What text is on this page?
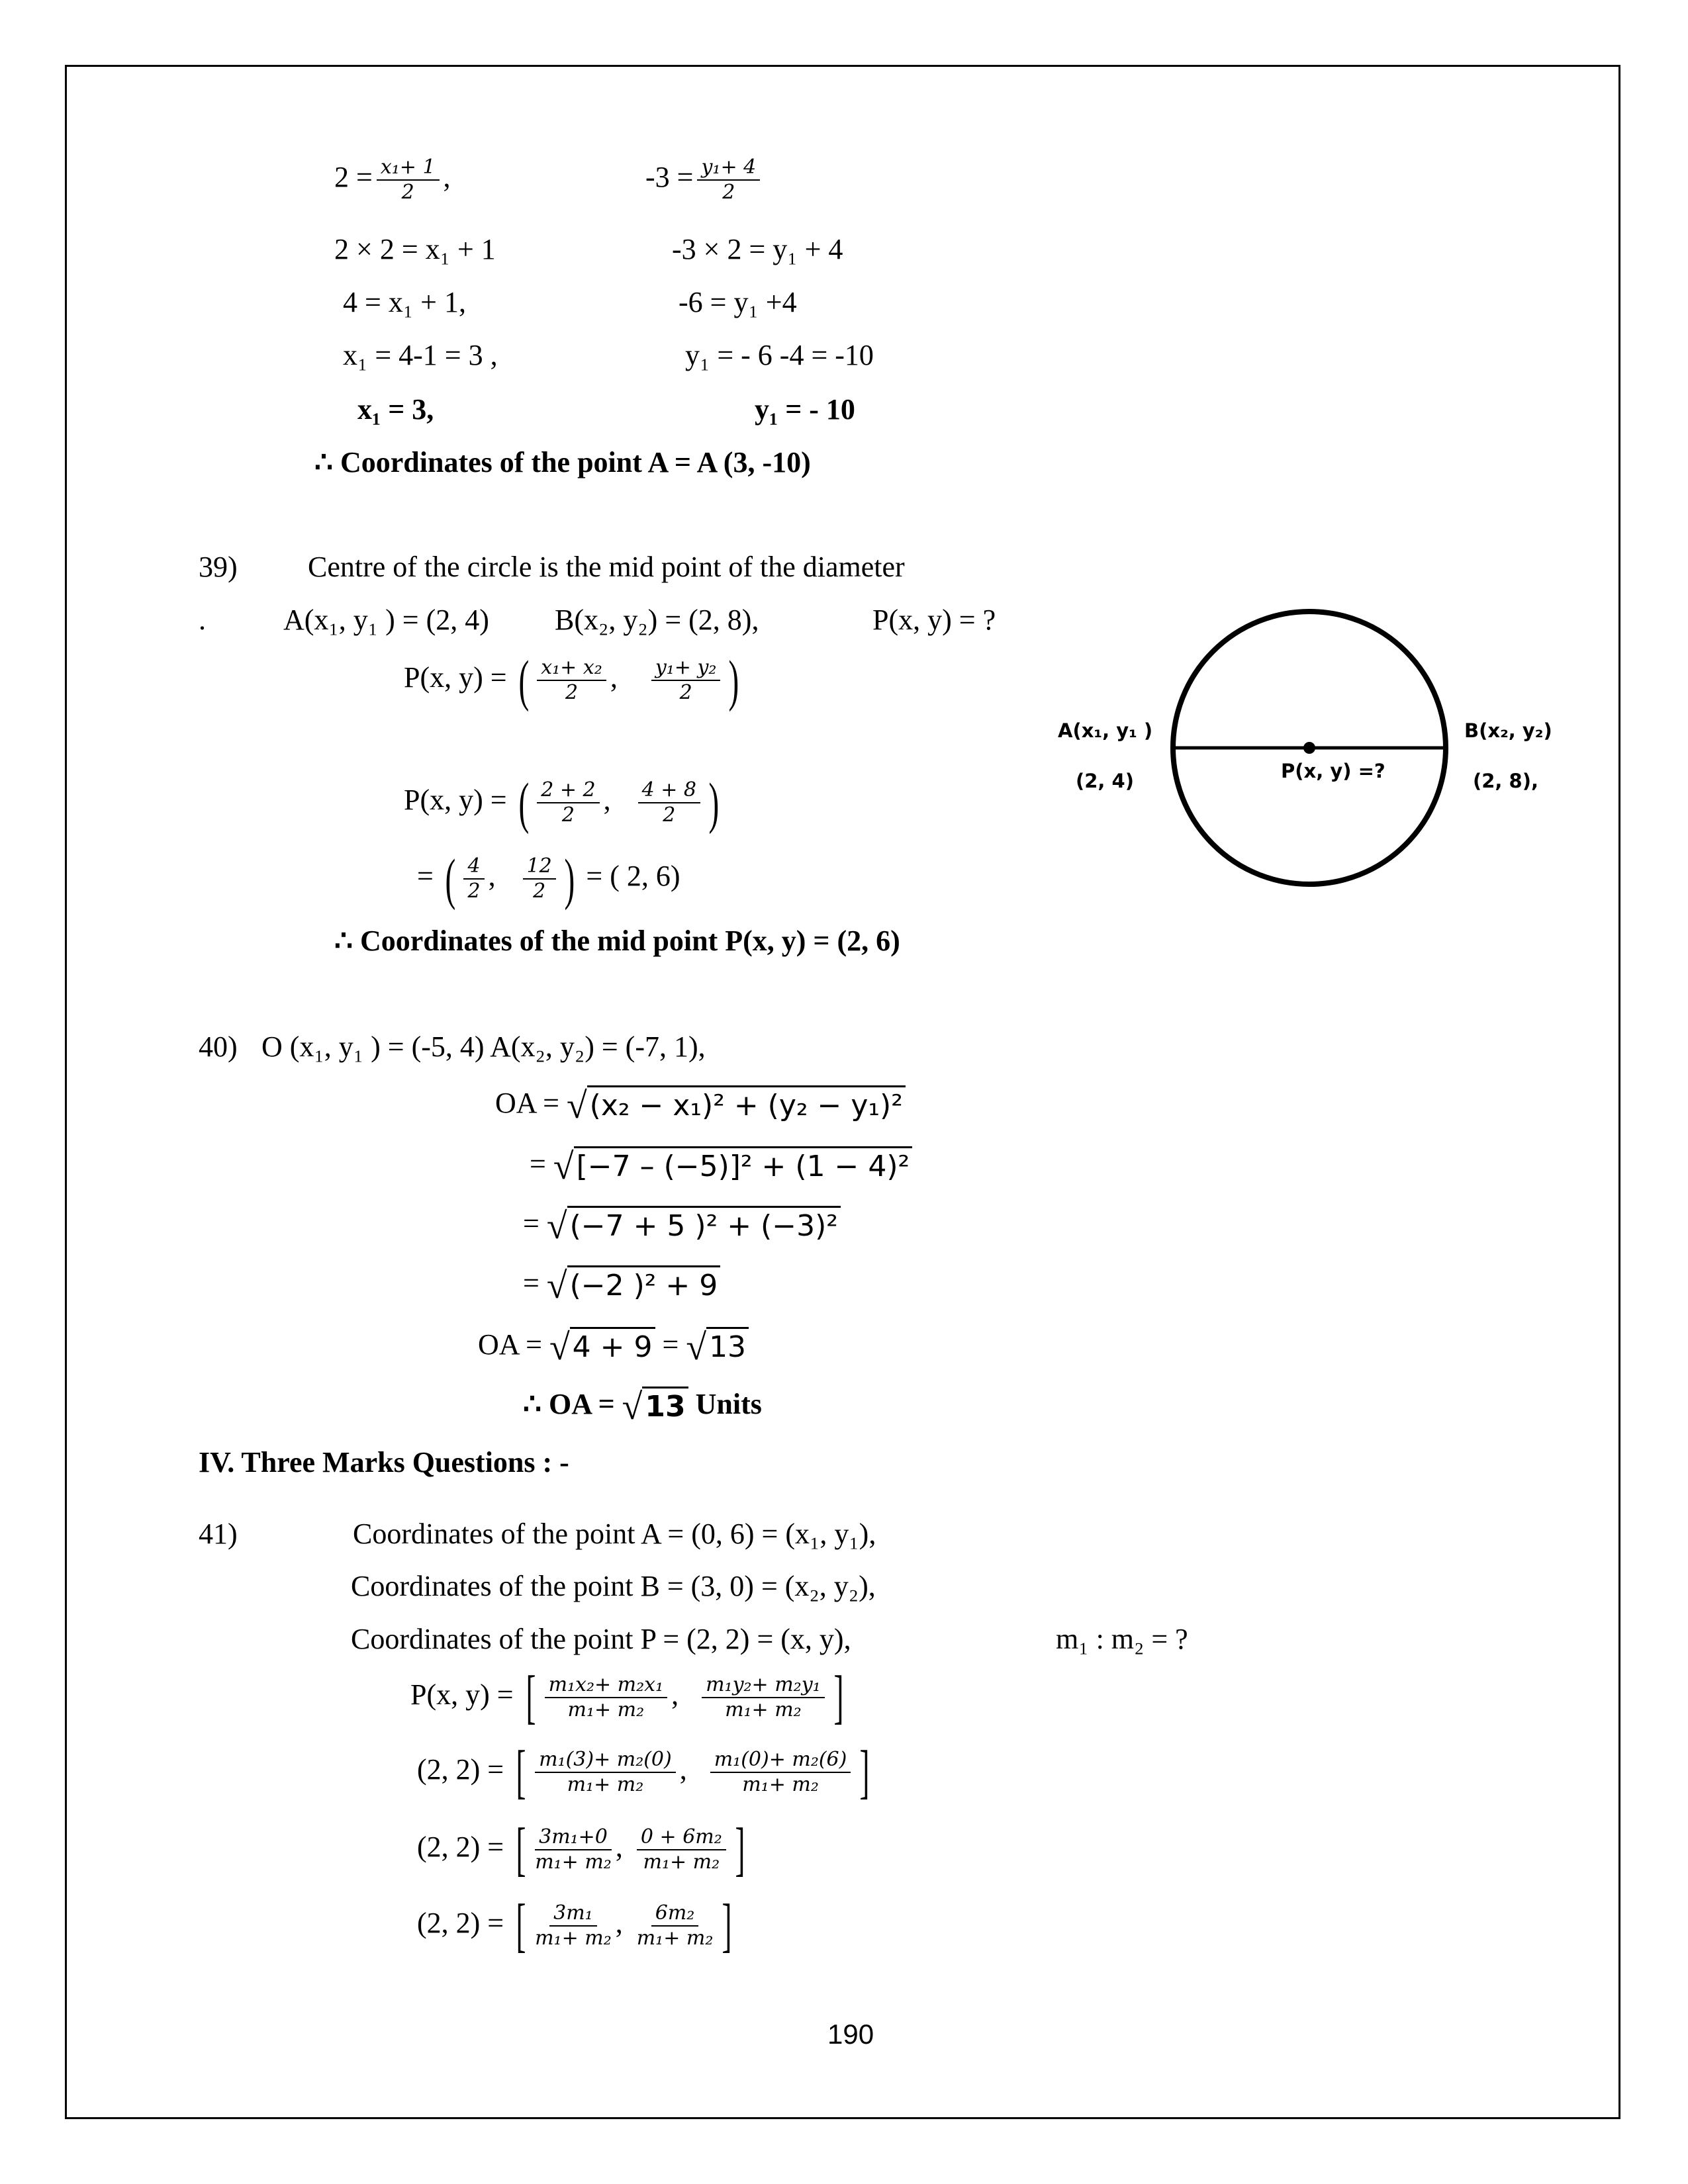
$2 = \frac{\text{x₁+ 1}}{2}$ ,	$-3 = \frac{\text{y₁+ 4}}{2}$
2 × 2 = x₁ + 1	-3 × 2 = y₁ + 4
4 = x₁ + 1,	-6 = y₁ +4
x₁ = 4-1 = 3 ,	y₁ = - 6 -4 = -10
x₁ = 3,	y₁ = - 10
∴ Coordinates of the point A = A (3, -10)
39) Centre of the circle is the mid point of the diameter
.	A(x₁, y₁ ) = (2, 4) B(x₂, y₂) = (2, 8),	P(x, y) = ?
P(x, y) = ( $\frac{\text{x₁+ x₂}}{2}$ , $\frac{\text{y₁+ y₂}}{2}$ )
P(x, y) = ( $\frac{2 + 2}{2}$ , $\frac{4 + 8}{2}$ )
= ( $\frac{4}{2}$ , $\frac{12}{2}$ ) = ( 2, 6)
∴ Coordinates of the mid point P(x, y) = (2, 6)
A(x₁, y₁ )
(2, 4)
B(x₂, y₂)
(2, 8),
P(x, y) =?
40) O (x₁, y₁ ) = (-5, 4) A(x₂, y₂) = (-7, 1),
OA = √(x₂ − x₁)² + (y₂ − y₁)²
= √[−7 – (−5)]² + (1 − 4)²
= √(−7 + 5 )² + (−3)²
= √(−2 )² + 9
OA = √4 + 9 = √13
∴ OA = √13 Units
IV. Three Marks Questions : -
41)	Coordinates of the point A = (0, 6) = (x₁, y₁),
Coordinates of the point B = (3, 0) = (x₂, y₂),
Coordinates of the point P = (2, 2) = (x, y),	m₁ : m₂ = ?
P(x, y) = [ $\frac{\text{m₁x₂+ m₂x₁}}{\text{m₁+ m₂}}$ , $\frac{\text{m₁y₂+ m₂y₁}}{\text{m₁+ m₂}}$ ]
(2, 2) = [ $\frac{\text{m₁(3)+ m₂(0)}}{\text{m₁+ m₂}}$ , $\frac{\text{m₁(0)+ m₂(6)}}{\text{m₁+ m₂}}$ ]
(2, 2) = [ $\frac{\text{3m₁+0}}{\text{m₁+ m₂}}$ , $\frac{\text{0 + 6m₂}}{\text{m₁+ m₂}}$ ]
(2, 2) = [ $\frac{\text{3m₁}}{\text{m₁+ m₂}}$ , $\frac{\text{6m₂}}{\text{m₁+ m₂}}$ ]
190
